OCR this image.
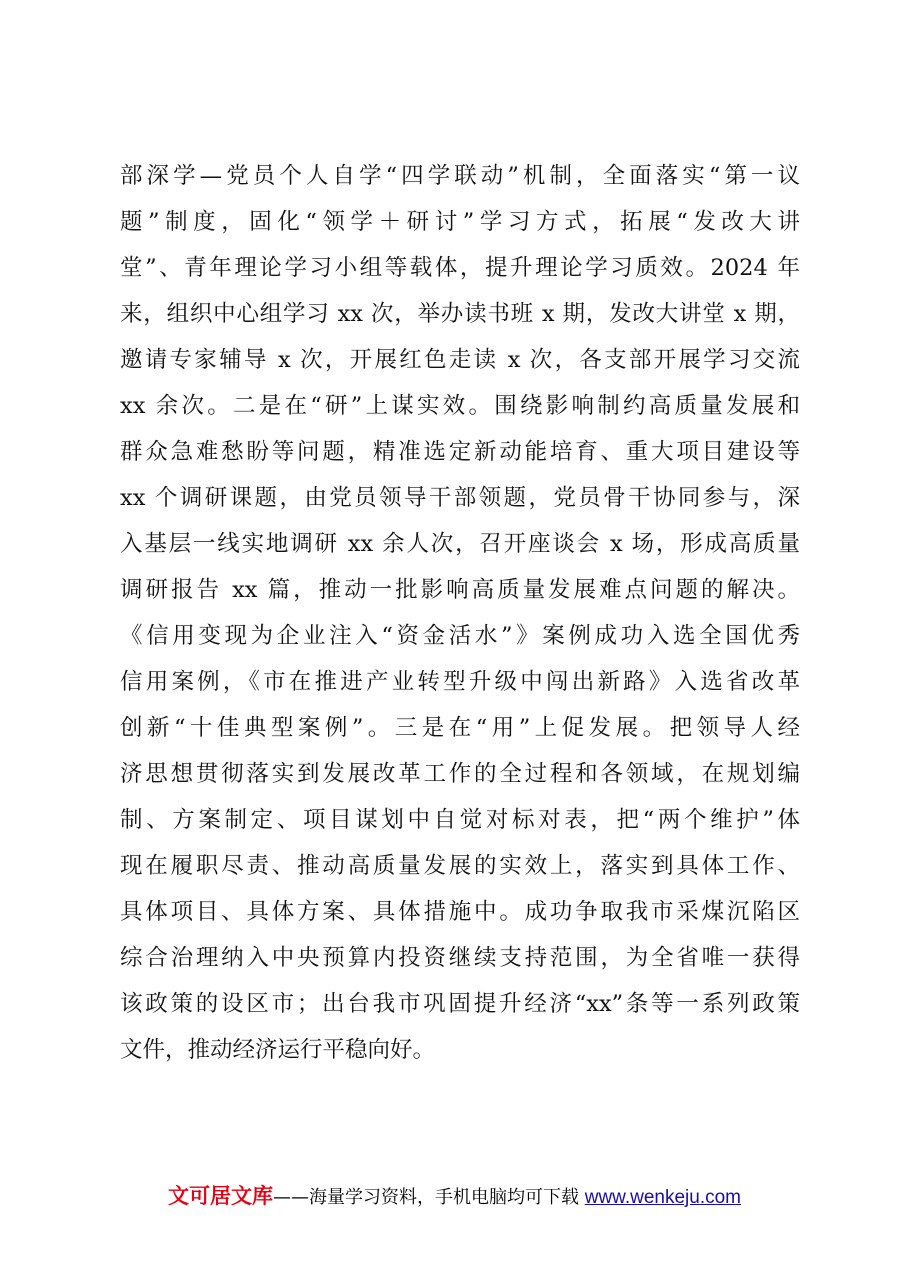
部深学—党员个人自学“四学联动”机制，全面落实“第一议
题”制度，固化“领学＋研讨”学习方式，拓展“发改大讲
堂”、青年理论学习小组等载体，提升理论学习质效。2024 年
来，组织中心组学习 xx 次，举办读书班 x 期，发改大讲堂 x 期，
邀请专家辅导 x 次，开展红色走读 x 次，各支部开展学习交流
xx 余次。二是在“研”上谋实效。围绕影响制约高质量发展和
群众急难愁盼等问题，精准选定新动能培育、重大项目建设等
xx 个调研课题，由党员领导干部领题，党员骨干协同参与，深
入基层一线实地调研 xx 余人次，召开座谈会 x 场，形成高质量
调研报告 xx 篇，推动一批影响高质量发展难点问题的解决。
《信用变现为企业注入“资金活水”》案例成功入选全国优秀
信用案例，《市在推进产业转型升级中闯出新路》入选省改革
创新“十佳典型案例”。三是在“用”上促发展。把领导人经
济思想贯彻落实到发展改革工作的全过程和各领域，在规划编
制、方案制定、项目谋划中自觉对标对表，把“两个维护”体
现在履职尽责、推动高质量发展的实效上，落实到具体工作、
具体项目、具体方案、具体措施中。成功争取我市采煤沉陷区
综合治理纳入中央预算内投资继续支持范围，为全省唯一获得
该政策的设区市；出台我市巩固提升经济“xx”条等一系列政策
文件，推动经济运行平稳向好。
文可居文库——海量学习资料，手机电脑均可下载 www.wenkeju.com
